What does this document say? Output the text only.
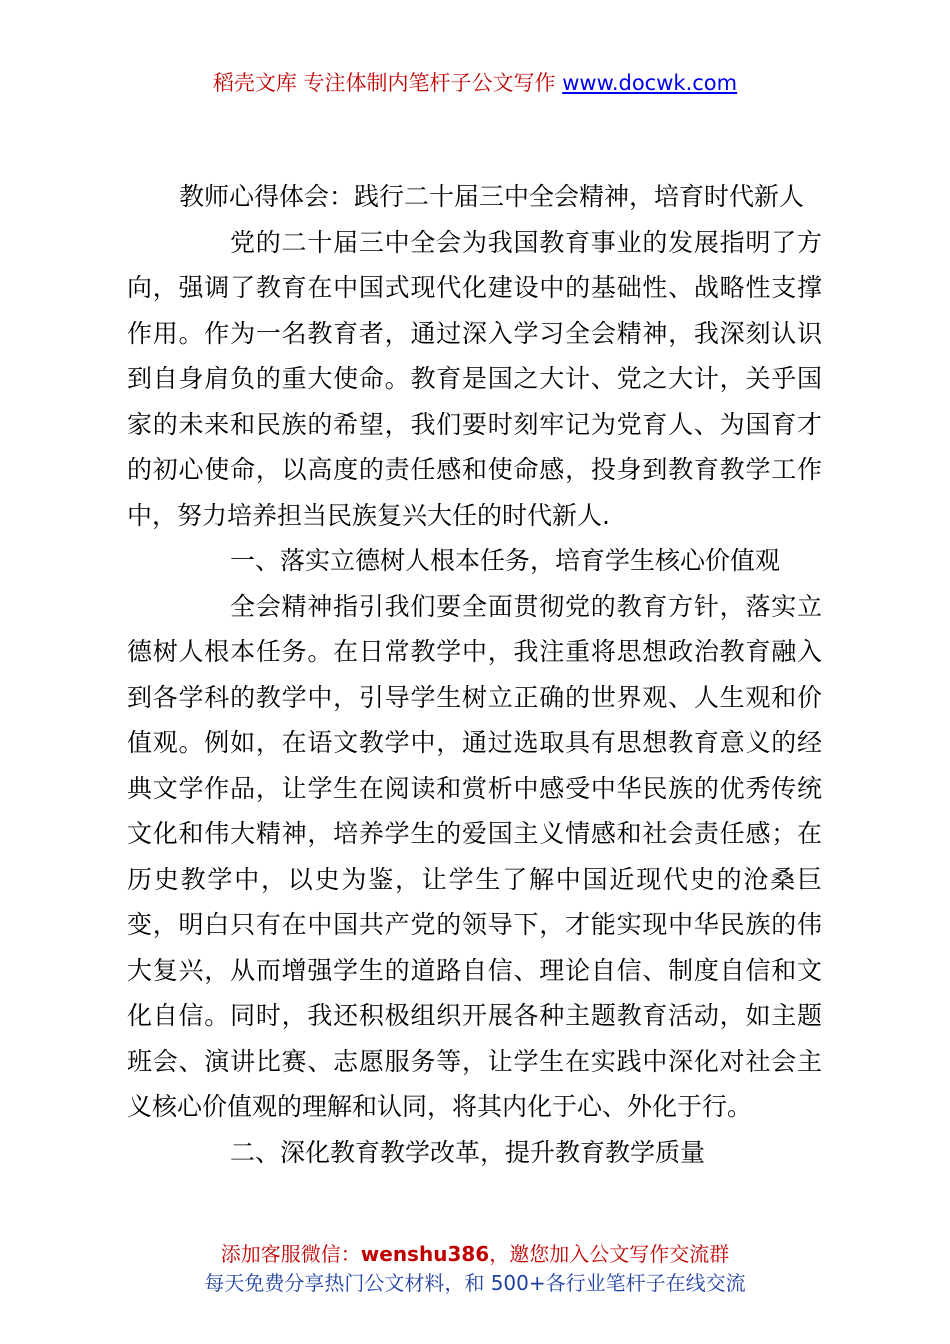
稻壳文库 专注体制内笔杆子公文写作 www.docwk.com

教师心得体会：践行二十届三中全会精神，培育时代新人

党的二十届三中全会为我国教育事业的发展指明了方向，强调了教育在中国式现代化建设中的基础性、战略性支撑作用。作为一名教育者，通过深入学习全会精神，我深刻认识到自身肩负的重大使命。教育是国之大计、党之大计，关乎国家的未来和民族的希望，我们要时刻牢记为党育人、为国育才的初心使命，以高度的责任感和使命感，投身到教育教学工作中，努力培养担当民族复兴大任的时代新人.

一、落实立德树人根本任务，培育学生核心价值观

全会精神指引我们要全面贯彻党的教育方针，落实立德树人根本任务。在日常教学中，我注重将思想政治教育融入到各学科的教学中，引导学生树立正确的世界观、人生观和价值观。例如，在语文教学中，通过选取具有思想教育意义的经典文学作品，让学生在阅读和赏析中感受中华民族的优秀传统文化和伟大精神，培养学生的爱国主义情感和社会责任感；在历史教学中，以史为鉴，让学生了解中国近现代史的沧桑巨变，明白只有在中国共产党的领导下，才能实现中华民族的伟大复兴，从而增强学生的道路自信、理论自信、制度自信和文化自信。同时，我还积极组织开展各种主题教育活动，如主题班会、演讲比赛、志愿服务等，让学生在实践中深化对社会主义核心价值观的理解和认同，将其内化于心、外化于行。

二、深化教育教学改革，提升教育教学质量

添加客服微信：wenshu386，邀您加入公文写作交流群
每天免费分享热门公文材料，和 500+各行业笔杆子在线交流
